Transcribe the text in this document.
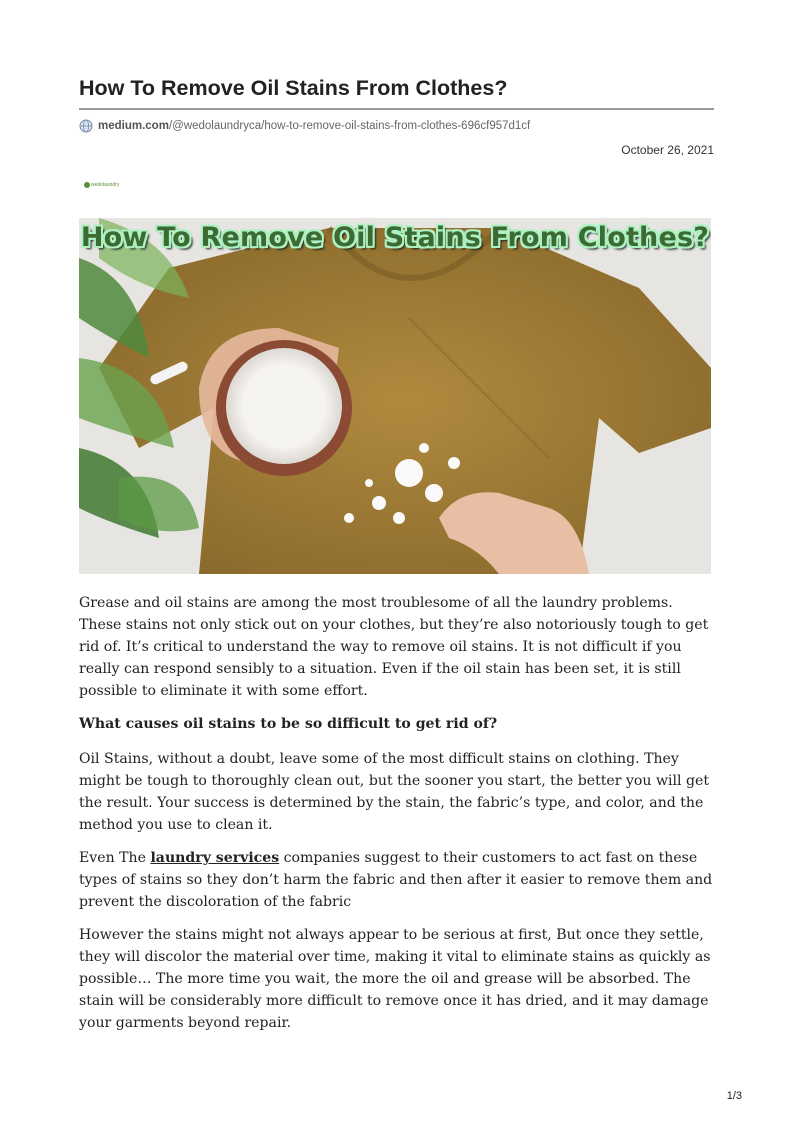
How To Remove Oil Stains From Clothes?
medium.com /@wedolaundryca/how-to-remove-oil-stains-from-clothes-696cf957d1cf
October 26, 2021
wedolaundry
How To Remove Oil Stains From Clothes?

Grease and oil stains are among the most troublesome of all the laundry problems. These stains not only stick out on your clothes, but they’re also notoriously tough to get rid of. It’s critical to understand the way to remove oil stains. It is not difficult if you really can respond sensibly to a situation. Even if the oil stain has been set, it is still possible to eliminate it with some effort.

What causes oil stains to be so difficult to get rid of?

Oil Stains, without a doubt, leave some of the most difficult stains on clothing. They might be tough to thoroughly clean out, but the sooner you start, the better you will get the result. Your success is determined by the stain, the fabric’s type, and color, and the method you use to clean it.

Even The laundry services companies suggest to their customers to act fast on these types of stains so they don’t harm the fabric and then after it easier to remove them and prevent the discoloration of the fabric

However the stains might not always appear to be serious at first, But once they settle, they will discolor the material over time, making it vital to eliminate stains as quickly as possible… The more time you wait, the more the oil and grease will be absorbed. The stain will be considerably more difficult to remove once it has dried, and it may damage your garments beyond repair.

1/3
